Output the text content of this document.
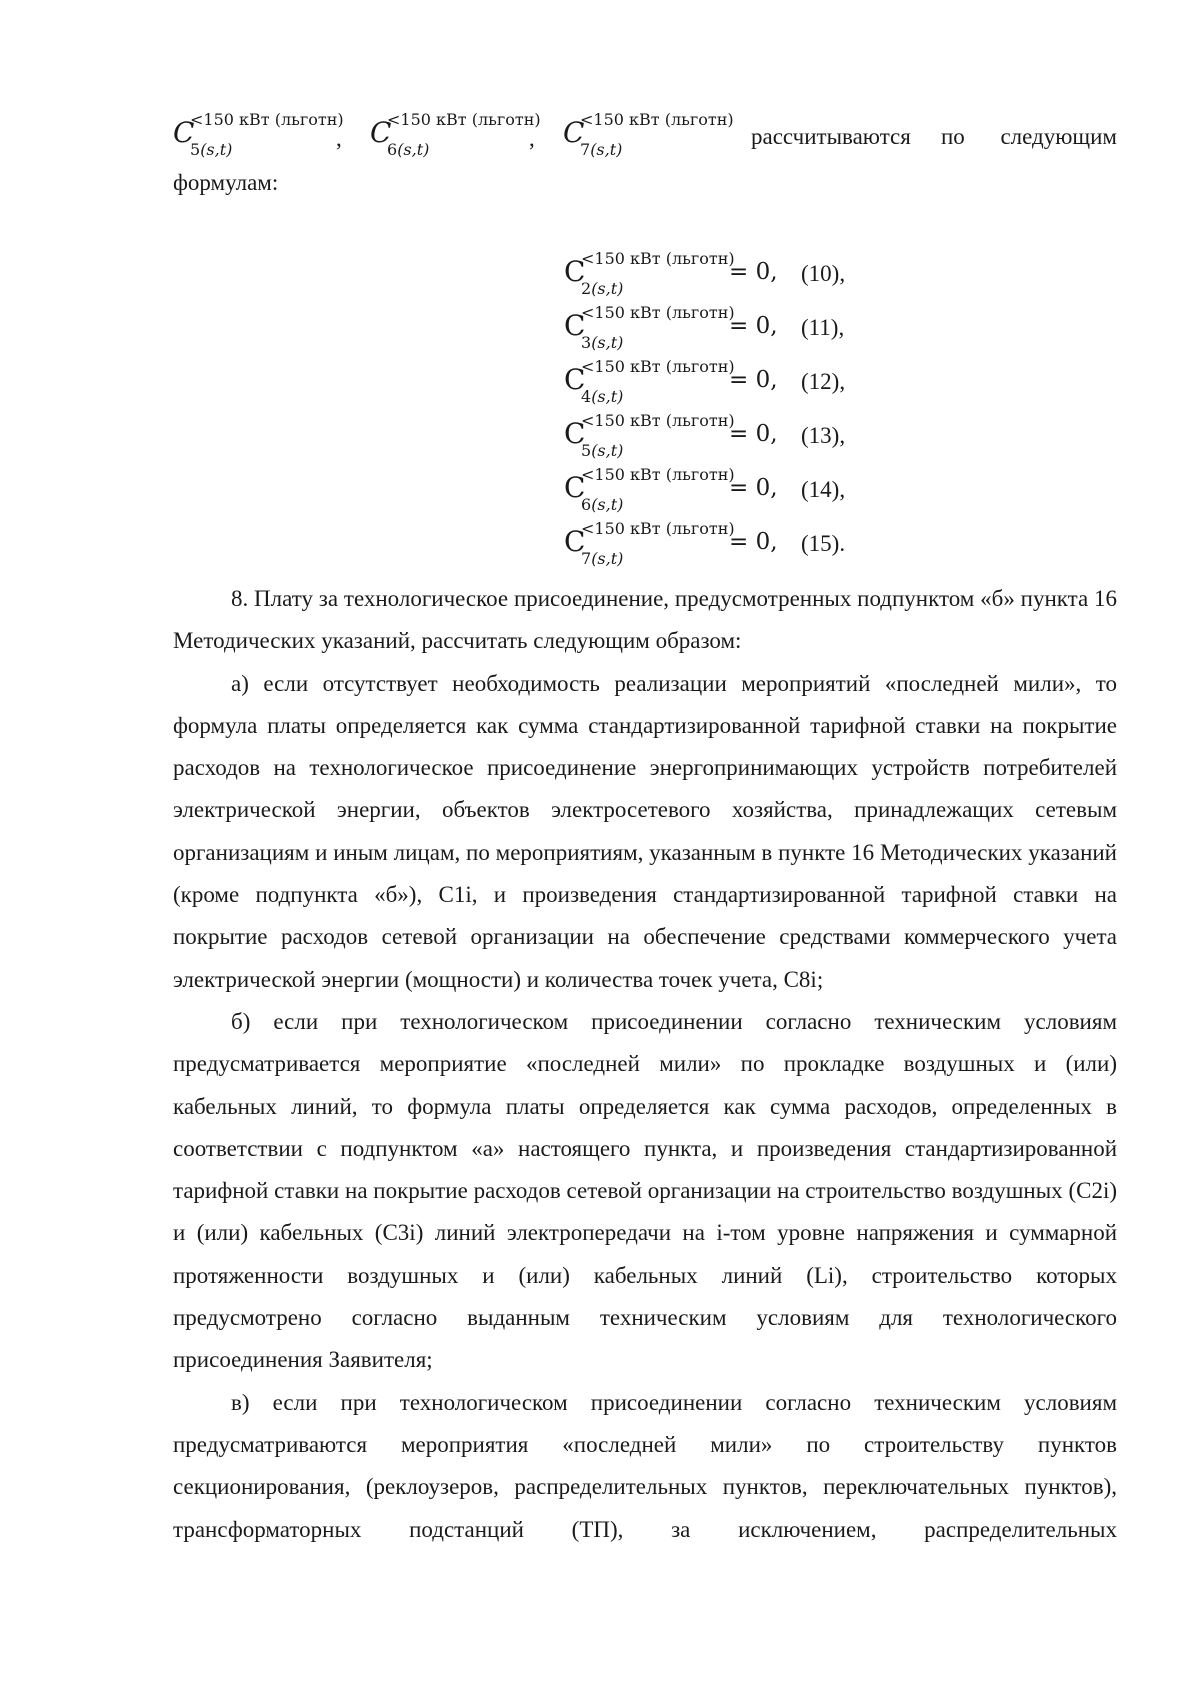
C
<150 кВт (льготн)
5(s,t)	, C
<150 кВт (льготн)
6(s,t)	, C
<150 кВт (льготн)
7(s,t)
рассчитываются по следующим
формулам:
C
<150 кВт (льготн)
2(s,t)
= 0, (10),
C
<150 кВт (льготн)
3(s,t)
= 0, (11),
C
<150 кВт (льготн)
4(s,t)
= 0, (12),
C
<150 кВт (льготн)
5(s,t)
= 0, (13),
C
<150 кВт (льготн)
6(s,t)
= 0, (14),
C
<150 кВт (льготн)
7(s,t)
= 0, (15).

8. Плату за технологическое присоединение, предусмотренных подпунктом «б» пункта 16 Методических указаний, рассчитать следующим образом:

а) если отсутствует необходимость реализации мероприятий «последней мили», то формула платы определяется как сумма стандартизированной тарифной ставки на покрытие расходов на технологическое присоединение энергопринимающих устройств потребителей электрической энергии, объектов электросетевого хозяйства, принадлежащих сетевым организациям и иным лицам, по мероприятиям, указанным в пункте 16 Методических указаний (кроме подпункта «б»), C1i, и произведения стандартизированной тарифной ставки на покрытие расходов сетевой организации на обеспечение средствами коммерческого учета электрической энергии (мощности) и количества точек учета, C8i;

б) если при технологическом присоединении согласно техническим условиям предусматривается мероприятие «последней мили» по прокладке воздушных и (или) кабельных линий, то формула платы определяется как сумма расходов, определенных в соответствии с подпунктом «а» настоящего пункта, и произведения стандартизированной тарифной ставки на покрытие расходов сетевой организации на строительство воздушных (C2i) и (или) кабельных (C3i) линий электропередачи на i-том уровне напряжения и суммарной протяженности воздушных и (или) кабельных линий (Li), строительство которых предусмотрено согласно выданным техническим условиям для технологического присоединения Заявителя;

в) если при технологическом присоединении согласно техническим условиям предусматриваются мероприятия «последней мили» по строительству пунктов секционирования, (реклоузеров, распределительных пунктов, переключательных пунктов), трансформаторных подстанций (ТП), за исключением, распределительных
